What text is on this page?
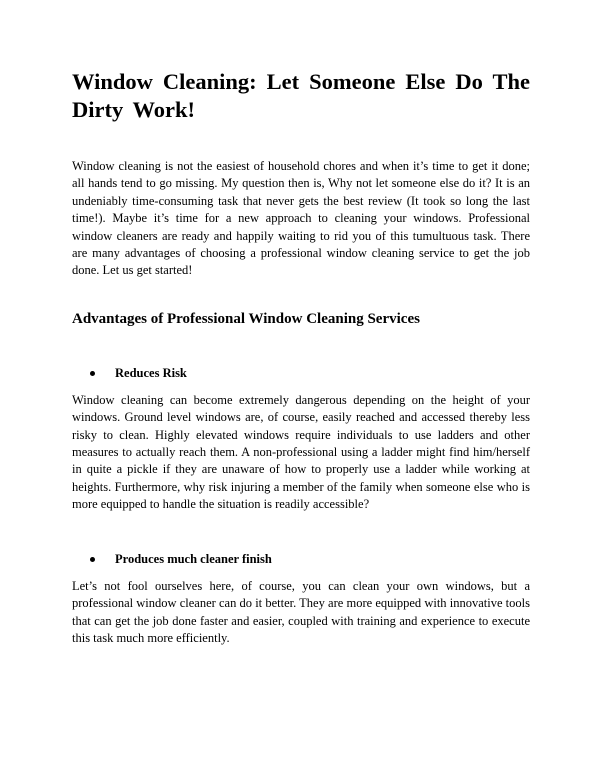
Window Cleaning: Let Someone Else Do The Dirty Work!

Window cleaning is not the easiest of household chores and when it’s time to get it done; all hands tend to go missing. My question then is, Why not let someone else do it? It is an undeniably time-consuming task that never gets the best review (It took so long the last time!). Maybe it’s time for a new approach to cleaning your windows. Professional window cleaners are ready and happily waiting to rid you of this tumultuous task. There are many advantages of choosing a professional window cleaning service to get the job done. Let us get started!

Advantages of Professional Window Cleaning Services
Reduces Risk

Window cleaning can become extremely dangerous depending on the height of your windows. Ground level windows are, of course, easily reached and accessed thereby less risky to clean. Highly elevated windows require individuals to use ladders and other measures to actually reach them. A non-professional using a ladder might find him/herself in quite a pickle if they are unaware of how to properly use a ladder while working at heights. Furthermore, why risk injuring a member of the family when someone else who is more equipped to handle the situation is readily accessible?

Produces much cleaner finish

Let’s not fool ourselves here, of course, you can clean your own windows, but a professional window cleaner can do it better. They are more equipped with innovative tools that can get the job done faster and easier, coupled with training and experience to execute this task much more efficiently.
